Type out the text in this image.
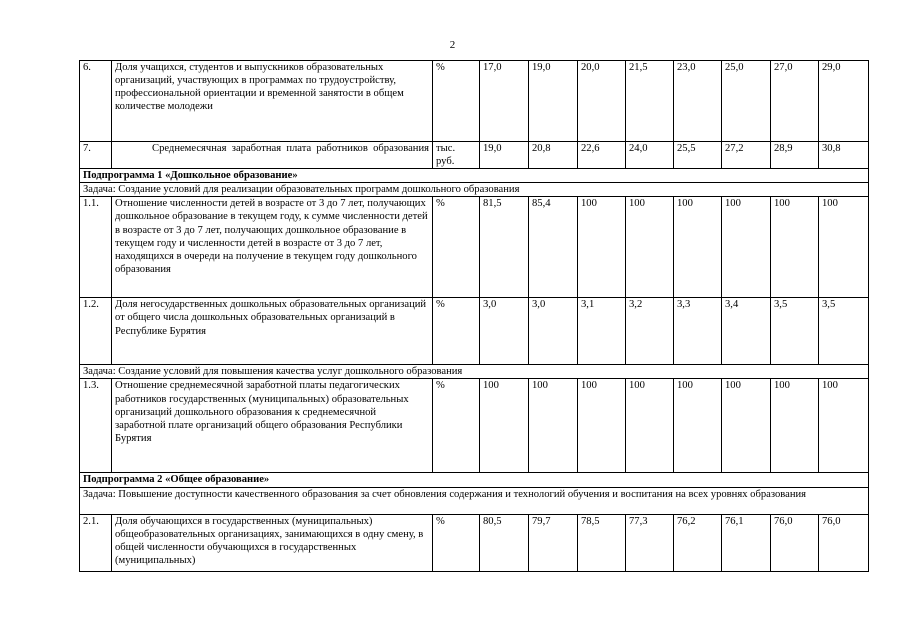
2
6.	Доля учащихся, студентов и выпускников образовательных организаций, участвующих в программах по трудоустройству, профессиональной ориентации и временной занятости в общем количестве молодежи	%	17,0	19,0	20,0	21,5	23,0	25,0	27,0	29,0
7.	Среднемесячная заработная плата работников образования	тыс. руб.	19,0	20,8	22,6	24,0	25,5	27,2	28,9	30,8
Подпрограмма 1 «Дошкольное образование»										
Задача: Создание условий для реализации образовательных программ дошкольного образования										
1.1.	Отношение численности детей в возрасте от 3 до 7 лет, получающих дошкольное образование в текущем году, к сумме численности детей в возрасте от 3 до 7 лет, получающих дошкольное образование в текущем году и численности детей в возрасте от 3 до 7 лет, находящихся в очереди на получение в текущем году дошкольного образования	%	81,5	85,4	100	100	100	100	100	100
1.2.	Доля негосударственных дошкольных образовательных организаций от общего числа дошкольных образовательных организаций в Республике Бурятия	%	3,0	3,0	3,1	3,2	3,3	3,4	3,5	3,5
Задача: Создание условий для повышения качества услуг дошкольного образования										
1.3.	Отношение среднемесячной заработной платы педагогических работников государственных (муниципальных) образовательных организаций дошкольного образования к среднемесячной заработной плате организаций общего образования Республики Бурятия	%	100	100	100	100	100	100	100	100
Подпрограмма 2 «Общее образование»										
Задача: Повышение доступности качественного образования за счет обновления содержания и технологий обучения и воспитания на всех уровнях образования										
2.1.	Доля обучающихся в государственных (муниципальных) общеобразовательных организациях, занимающихся в одну смену, в общей численности обучающихся в государственных (муниципальных)	%	80,5	79,7	78,5	77,3	76,2	76,1	76,0	76,0
